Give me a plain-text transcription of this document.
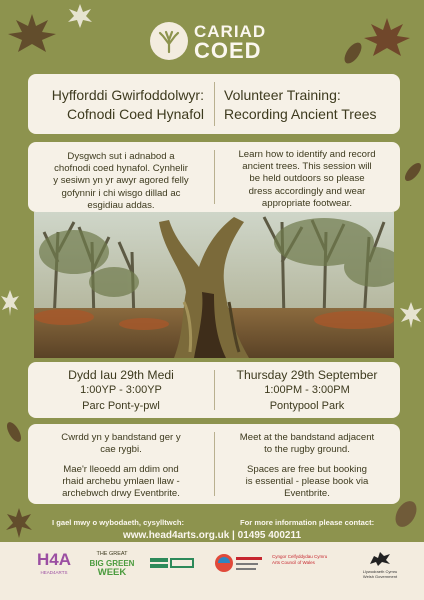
CARIAD
COED
Hyfforddi Gwirfoddolwyr:
Cofnodi Coed Hynafol
Volunteer Training:
Recording Ancient Trees
Dysgwch sut i adnabod a
chofnodi coed hynafol. Cynhelir
y sesiwn yn yr awyr agored felly
gofynnir i chi wisgo dillad ac
esgidiau addas.
Learn how to identify and record
ancient trees. This session will
be held outdoors so please
dress accordingly and wear
appropriate footwear.
Dydd Iau 29th Medi
1:00YP - 3:00YP
Parc Pont-y-pwl
Thursday 29th September
1:00PM - 3:00PM
Pontypool Park
Cwrdd yn y bandstand ger y
cae rygbi.
Mae'r lleoedd am ddim ond
rhaid archebu ymlaen llaw -
archebwch drwy Eventbrite.
Meet at the bandstand adjacent
to the rugby ground.
Spaces are free but booking
is essential - please book via
Eventbrite.
I gael mwy o wybodaeth, cysylltwch:	For more information please contact:
www.head4arts.org.uk | 01495 400211
H4A
HEAD4ARTS
THE GREAT
BIG GREEN
WEEK
Cyngor Celfyddydau Cymru
Arts Council of Wales
Llywodraeth Cymru Welsh Government
